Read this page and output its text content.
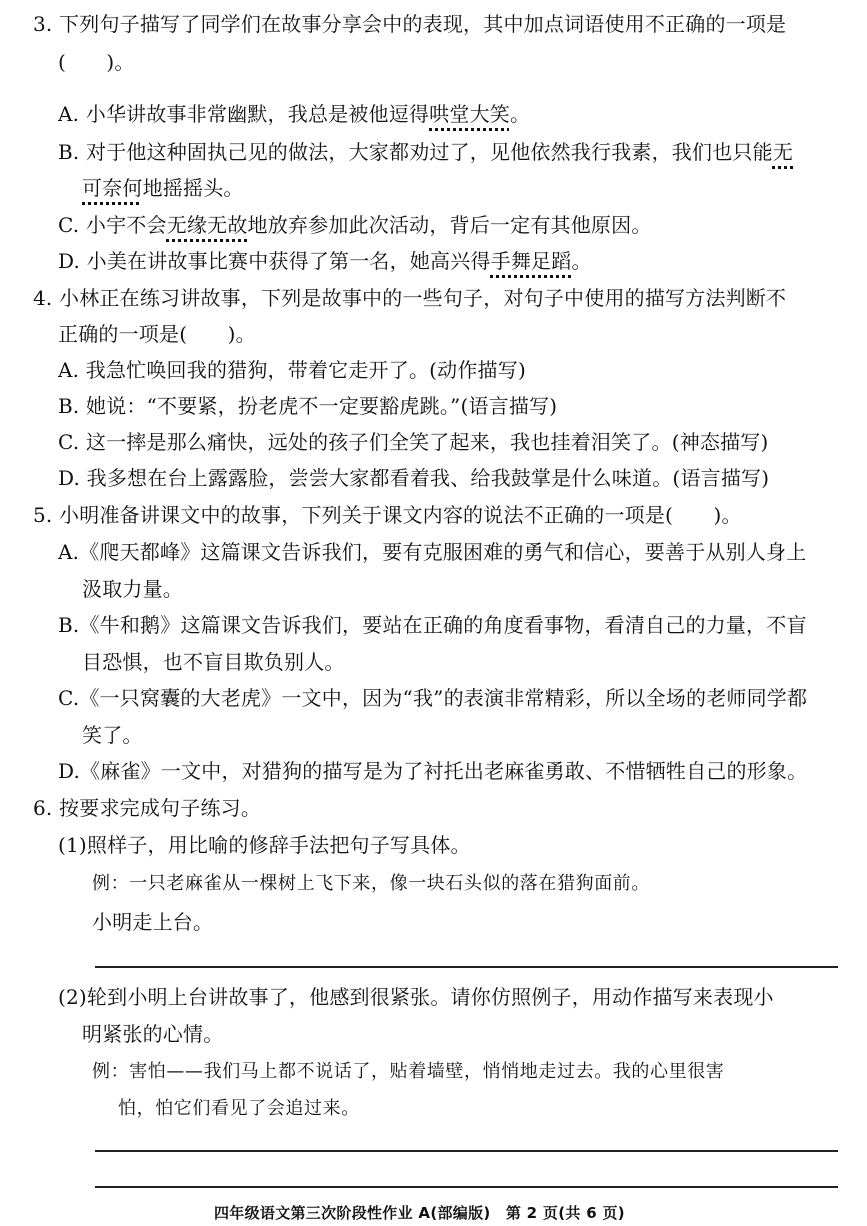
3. 下列句子描写了同学们在故事分享会中的表现，其中加点词语使用不正确的一项是
(　　)。
A. 小华讲故事非常幽默，我总是被他逗得哄堂大笑。
B. 对于他这种固执己见的做法，大家都劝过了，见他依然我行我素，我们也只能无
可奈何地摇摇头。
C. 小宇不会无缘无故地放弃参加此次活动，背后一定有其他原因。
D. 小美在讲故事比赛中获得了第一名，她高兴得手舞足蹈。
4. 小林正在练习讲故事，下列是故事中的一些句子，对句子中使用的描写方法判断不
正确的一项是(　　)。
A. 我急忙唤回我的猎狗，带着它走开了。(动作描写)
B. 她说：“不要紧，扮老虎不一定要豁虎跳。”(语言描写)
C. 这一摔是那么痛快，远处的孩子们全笑了起来，我也挂着泪笑了。(神态描写)
D. 我多想在台上露露脸，尝尝大家都看着我、给我鼓掌是什么味道。(语言描写)
5. 小明准备讲课文中的故事，下列关于课文内容的说法不正确的一项是(　　)。
A.《爬天都峰》这篇课文告诉我们，要有克服困难的勇气和信心，要善于从别人身上
汲取力量。
B.《牛和鹅》这篇课文告诉我们，要站在正确的角度看事物，看清自己的力量，不盲
目恐惧，也不盲目欺负别人。
C.《一只窝囊的大老虎》一文中，因为“我”的表演非常精彩，所以全场的老师同学都
笑了。
D.《麻雀》一文中，对猎狗的描写是为了衬托出老麻雀勇敢、不惜牺牲自己的形象。
6. 按要求完成句子练习。
(1)照样子，用比喻的修辞手法把句子写具体。
例：一只老麻雀从一棵树上飞下来，像一块石头似的落在猎狗面前。
小明走上台。
(2)轮到小明上台讲故事了，他感到很紧张。请你仿照例子，用动作描写来表现小
明紧张的心情。
例：害怕——我们马上都不说话了，贴着墙壁，悄悄地走过去。我的心里很害
怕，怕它们看见了会追过来。
四年级语文第三次阶段性作业 A(部编版)　第 2 页(共 6 页)
